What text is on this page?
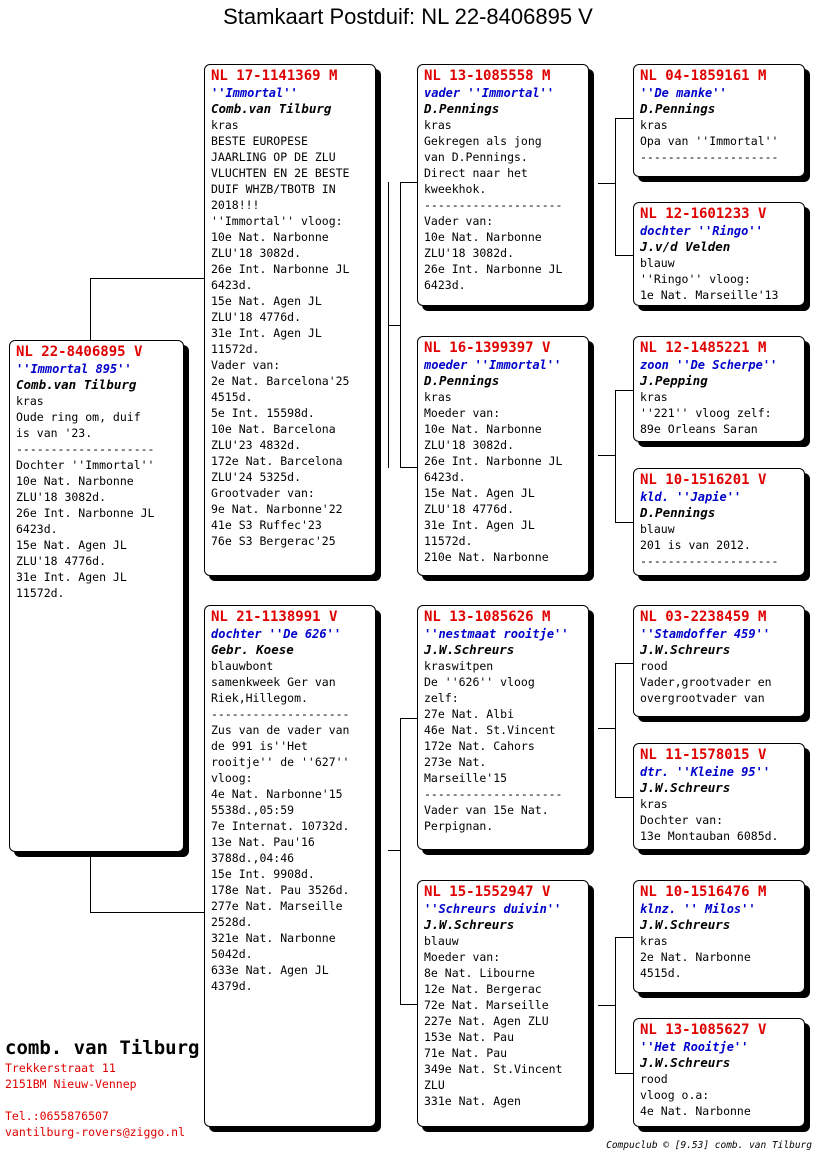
Stamkaart Postduif: NL 22-8406895 V
NL 22-8406895 V
''Immortal 895''
Comb.van Tilburg
kras
Oude ring om, duif
is van '23.
--------------------
Dochter ''Immortal''
10e Nat. Narbonne
ZLU'18 3082d.
26e Int. Narbonne JL
6423d.
15e Nat. Agen JL
ZLU'18 4776d.
31e Int. Agen JL
11572d.
NL 17-1141369 M
''Immortal''
Comb.van Tilburg
kras
BESTE EUROPESE
JAARLING OP DE ZLU
VLUCHTEN EN 2E BESTE
DUIF WHZB/TBOTB IN
2018!!!
''Immortal'' vloog:
10e Nat. Narbonne
ZLU'18 3082d.
26e Int. Narbonne JL
6423d.
15e Nat. Agen JL
ZLU'18 4776d.
31e Int. Agen JL
11572d.
Vader van:
2e Nat. Barcelona'25
4515d.
5e Int. 15598d.
10e Nat. Barcelona
ZLU'23 4832d.
172e Nat. Barcelona
ZLU'24 5325d.
Grootvader van:
9e Nat. Narbonne'22
41e S3 Ruffec'23
76e S3 Bergerac'25
NL 21-1138991 V
dochter ''De 626''
Gebr. Koese
blauwbont
samenkweek Ger van
Riek,Hillegom.
--------------------
Zus van de vader van
de 991 is''Het
rooitje'' de ''627''
vloog:
4e Nat. Narbonne'15
5538d.,05:59
7e Internat. 10732d.
13e Nat. Pau'16
3788d.,04:46
15e Int. 9908d.
178e Nat. Pau 3526d.
277e Nat. Marseille
2528d.
321e Nat. Narbonne
5042d.
633e Nat. Agen JL
4379d.
NL 13-1085558 M
vader ''Immortal''
D.Pennings
kras
Gekregen als jong
van D.Pennings.
Direct naar het
kweekhok.
--------------------
Vader van:
10e Nat. Narbonne
ZLU'18 3082d.
26e Int. Narbonne JL
6423d.
NL 16-1399397 V
moeder ''Immortal''
D.Pennings
kras
Moeder van:
10e Nat. Narbonne
ZLU'18 3082d.
26e Int. Narbonne JL
6423d.
15e Nat. Agen JL
ZLU'18 4776d.
31e Int. Agen JL
11572d.
210e Nat. Narbonne
NL 13-1085626 M
''nestmaat rooitje''
J.W.Schreurs
kraswitpen
De ''626'' vloog
zelf:
27e Nat. Albi
46e Nat. St.Vincent
172e Nat. Cahors
273e Nat.
Marseille'15
--------------------
Vader van 15e Nat.
Perpignan.
NL 15-1552947 V
''Schreurs duivin''
J.W.Schreurs
blauw
Moeder van:
8e Nat. Libourne
12e Nat. Bergerac
72e Nat. Marseille
227e Nat. Agen ZLU
153e Nat. Pau
71e Nat. Pau
349e Nat. St.Vincent
ZLU
331e Nat. Agen
NL 04-1859161 M
''De manke''
D.Pennings
kras
Opa van ''Immortal''
--------------------
NL 12-1601233 V
dochter ''Ringo''
J.v/d Velden
blauw
''Ringo'' vloog:
1e Nat. Marseille'13
NL 12-1485221 M
zoon ''De Scherpe''
J.Pepping
kras
''221'' vloog zelf:
89e Orleans Saran
NL 10-1516201 V
kld. ''Japie''
D.Pennings
blauw
201 is van 2012.
--------------------
NL 03-2238459 M
''Stamdoffer 459''
J.W.Schreurs
rood
Vader,grootvader en
overgrootvader van
NL 11-1578015 V
dtr. ''Kleine 95''
J.W.Schreurs
kras
Dochter van:
13e Montauban 6085d.
NL 10-1516476 M
klnz. '' Milos''
J.W.Schreurs
kras
2e Nat. Narbonne
4515d.
NL 13-1085627 V
''Het Rooitje''
J.W.Schreurs
rood
vloog o.a:
4e Nat. Narbonne
comb. van Tilburg
Trekkerstraat 11
2151BM Nieuw-Vennep
Tel.:0655876507
vantilburg-rovers@ziggo.nl
Compuclub © [9.53] comb. van Tilburg
